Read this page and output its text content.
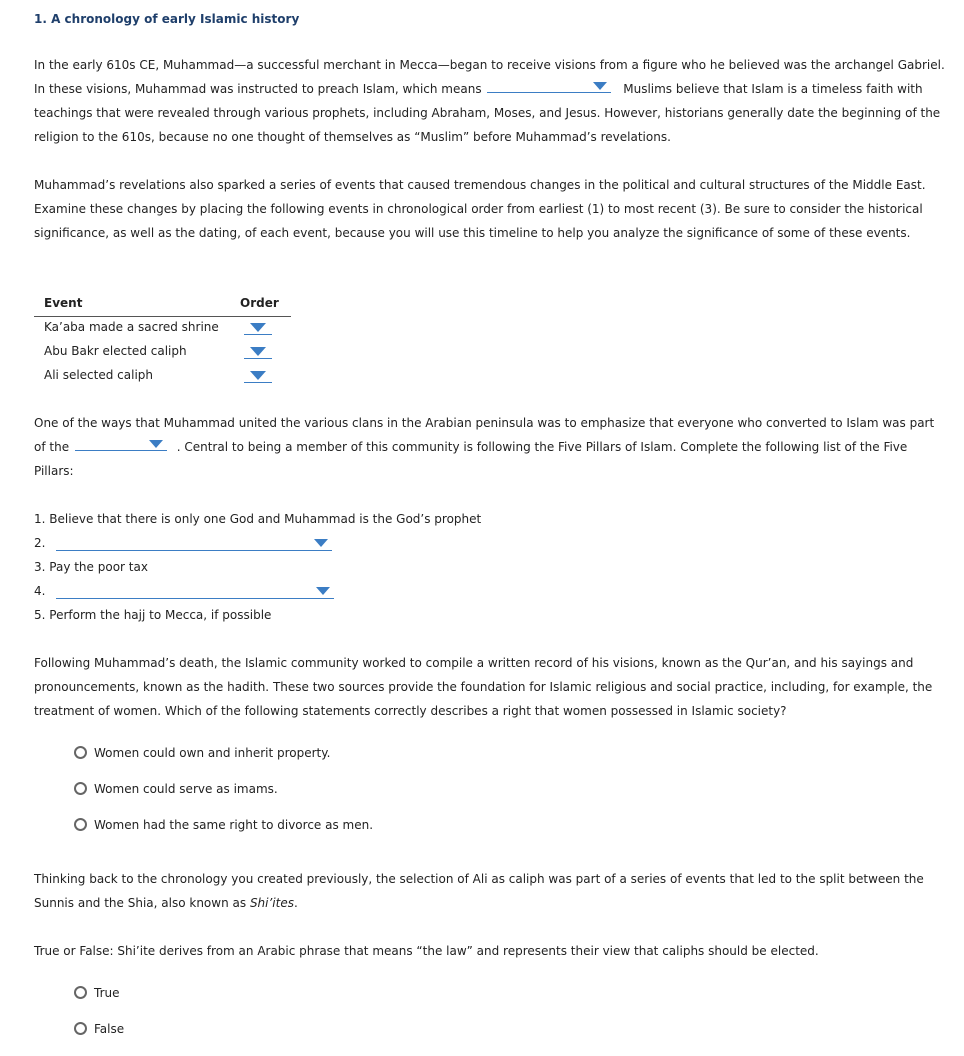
1. A chronology of early Islamic history
In the early 610s CE, Muhammad—a successful merchant in Mecca—began to receive visions from a figure who he believed was the archangel Gabriel.
In these visions, Muhammad was instructed to preach Islam, which means	Muslims believe that Islam is a timeless faith with
teachings that were revealed through various prophets, including Abraham, Moses, and Jesus. However, historians generally date the beginning of the
religion to the 610s, because no one thought of themselves as “Muslim” before Muhammad’s revelations.
Muhammad’s revelations also sparked a series of events that caused tremendous changes in the political and cultural structures of the Middle East.
Examine these changes by placing the following events in chronological order from earliest (1) to most recent (3). Be sure to consider the historical
significance, as well as the dating, of each event, because you will use this timeline to help you analyze the significance of some of these events.
Event	Order
Ka’aba made a sacred shrine
Abu Bakr elected caliph
Ali selected caliph
One of the ways that Muhammad united the various clans in the Arabian peninsula was to emphasize that everyone who converted to Islam was part
of the	. Central to being a member of this community is following the Five Pillars of Islam. Complete the following list of the Five
Pillars:
1. Believe that there is only one God and Muhammad is the God’s prophet
2.
3. Pay the poor tax
4.
5. Perform the hajj to Mecca, if possible
Following Muhammad’s death, the Islamic community worked to compile a written record of his visions, known as the Qur’an, and his sayings and
pronouncements, known as the hadith. These two sources provide the foundation for Islamic religious and social practice, including, for example, the
treatment of women. Which of the following statements correctly describes a right that women possessed in Islamic society?
Women could own and inherit property.
Women could serve as imams.
Women had the same right to divorce as men.
Thinking back to the chronology you created previously, the selection of Ali as caliph was part of a series of events that led to the split between the
Sunnis and the Shia, also known as Shi’ites.
True or False: Shi’ite derives from an Arabic phrase that means “the law” and represents their view that caliphs should be elected.
True
False
